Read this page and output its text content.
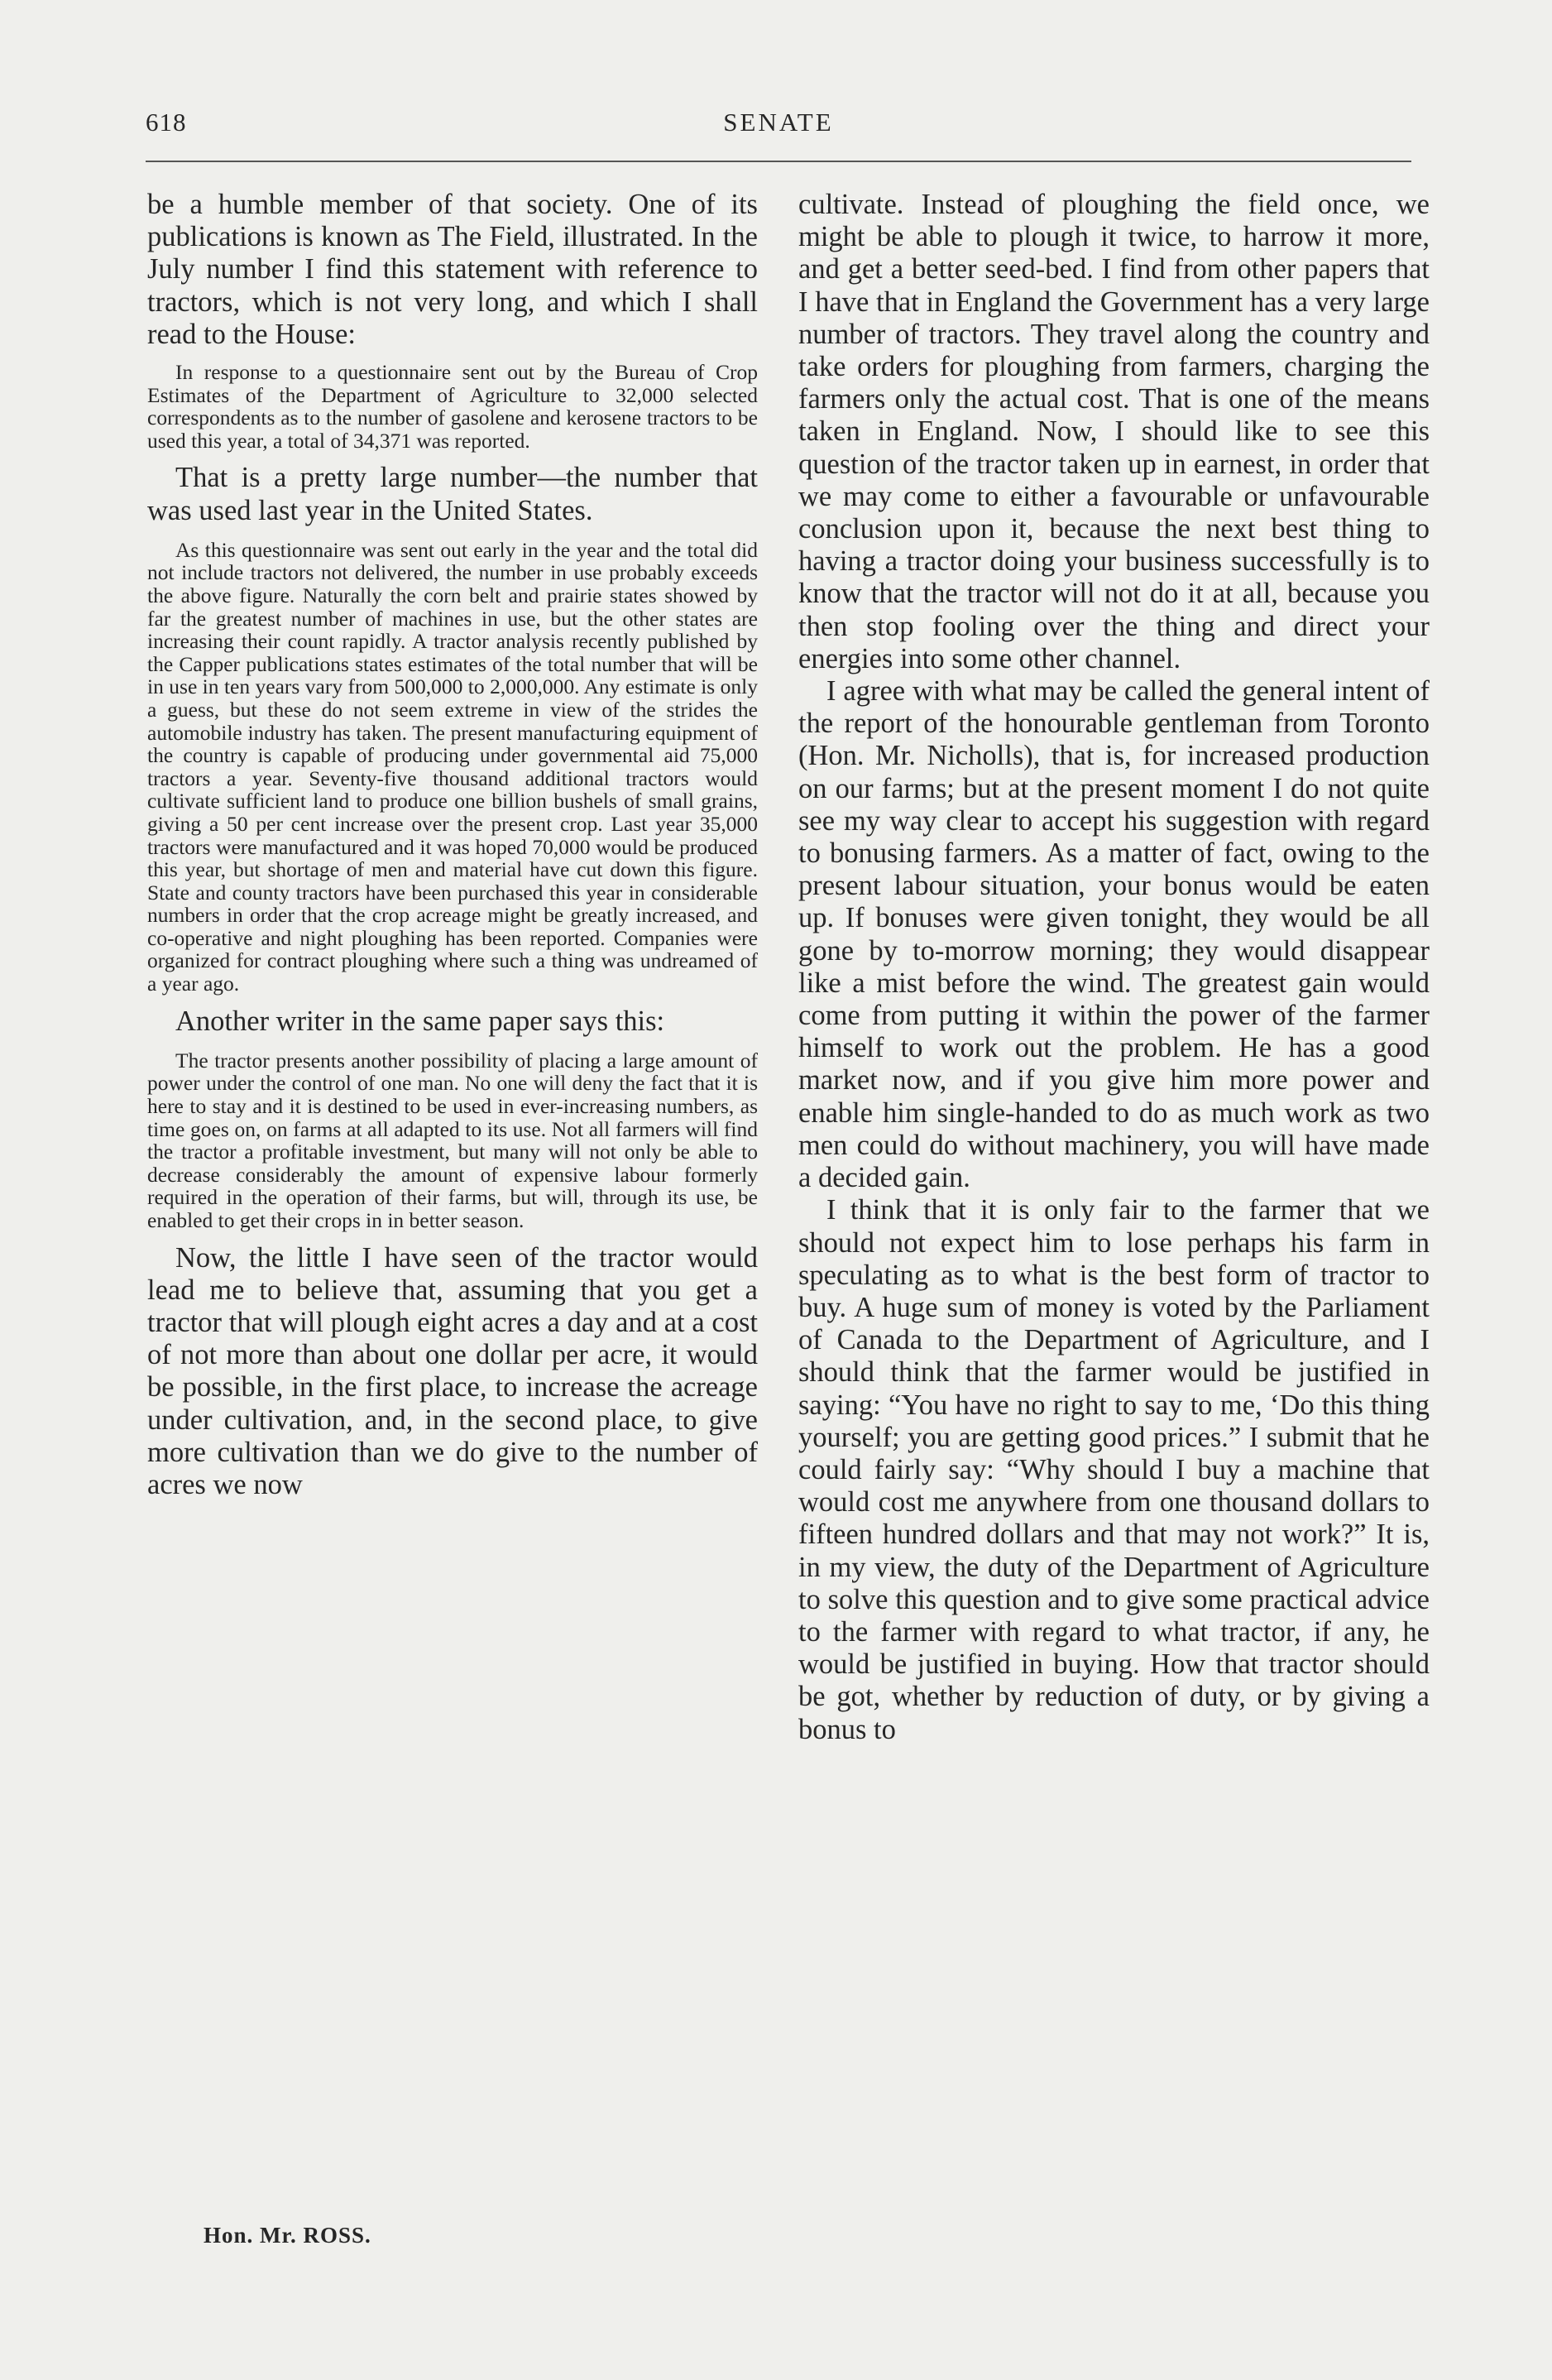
618	SENATE

be a humble member of that society. One of its publications is known as The Field, illustrated. In the July number I find this statement with reference to tractors, which is not very long, and which I shall read to the House:

In response to a questionnaire sent out by the Bureau of Crop Estimates of the Department of Agriculture to 32,000 selected correspondents as to the number of gasolene and kerosene tractors to be used this year, a total of 34,371 was reported.

That is a pretty large number—the number that was used last year in the United States.

As this questionnaire was sent out early in the year and the total did not include tractors not delivered, the number in use probably exceeds the above figure. Naturally the corn belt and prairie states showed by far the greatest number of machines in use, but the other states are increasing their count rapidly. A tractor analysis recently published by the Capper publications states estimates of the total number that will be in use in ten years vary from 500,000 to 2,000,000. Any estimate is only a guess, but these do not seem extreme in view of the strides the automobile industry has taken. The present manufacturing equipment of the country is capable of producing under governmental aid 75,000 tractors a year. Seventy-five thousand additional tractors would cultivate sufficient land to produce one billion bushels of small grains, giving a 50 per cent increase over the present crop. Last year 35,000 tractors were manufactured and it was hoped 70,000 would be produced this year, but shortage of men and material have cut down this figure. State and county tractors have been purchased this year in considerable numbers in order that the crop acreage might be greatly increased, and co-operative and night ploughing has been reported. Companies were organized for contract ploughing where such a thing was undreamed of a year ago.

Another writer in the same paper says this:

The tractor presents another possibility of placing a large amount of power under the control of one man. No one will deny the fact that it is here to stay and it is destined to be used in ever-increasing numbers, as time goes on, on farms at all adapted to its use. Not all farmers will find the tractor a profitable investment, but many will not only be able to decrease considerably the amount of expensive labour formerly required in the operation of their farms, but will, through its use, be enabled to get their crops in in better season.

Now, the little I have seen of the tractor would lead me to believe that, assuming that you get a tractor that will plough eight acres a day and at a cost of not more than about one dollar per acre, it would be possible, in the first place, to increase the acreage under cultivation, and, in the second place, to give more cultivation than we do give to the number of acres we now

Hon. Mr. ROSS.

cultivate. Instead of ploughing the field once, we might be able to plough it twice, to harrow it more, and get a better seed-bed. I find from other papers that I have that in England the Government has a very large number of tractors. They travel along the country and take orders for ploughing from farmers, charging the farmers only the actual cost. That is one of the means taken in England. Now, I should like to see this question of the tractor taken up in earnest, in order that we may come to either a favourable or unfavourable conclusion upon it, because the next best thing to having a tractor doing your business successfully is to know that the tractor will not do it at all, because you then stop fooling over the thing and direct your energies into some other channel.

I agree with what may be called the general intent of the report of the honourable gentleman from Toronto (Hon. Mr. Nicholls), that is, for increased production on our farms; but at the present moment I do not quite see my way clear to accept his suggestion with regard to bonusing farmers. As a matter of fact, owing to the present labour situation, your bonus would be eaten up. If bonuses were given tonight, they would be all gone by to-morrow morning; they would disappear like a mist before the wind. The greatest gain would come from putting it within the power of the farmer himself to work out the problem. He has a good market now, and if you give him more power and enable him single-handed to do as much work as two men could do without machinery, you will have made a decided gain.

I think that it is only fair to the farmer that we should not expect him to lose perhaps his farm in speculating as to what is the best form of tractor to buy. A huge sum of money is voted by the Parliament of Canada to the Department of Agriculture, and I should think that the farmer would be justified in saying: “You have no right to say to me, ‘Do this thing yourself; you are getting good prices.” I submit that he could fairly say: “Why should I buy a machine that would cost me anywhere from one thousand dollars to fifteen hundred dollars and that may not work?” It is, in my view, the duty of the Department of Agriculture to solve this question and to give some practical advice to the farmer with regard to what tractor, if any, he would be justified in buying. How that tractor should be got, whether by reduction of duty, or by giving a bonus to
